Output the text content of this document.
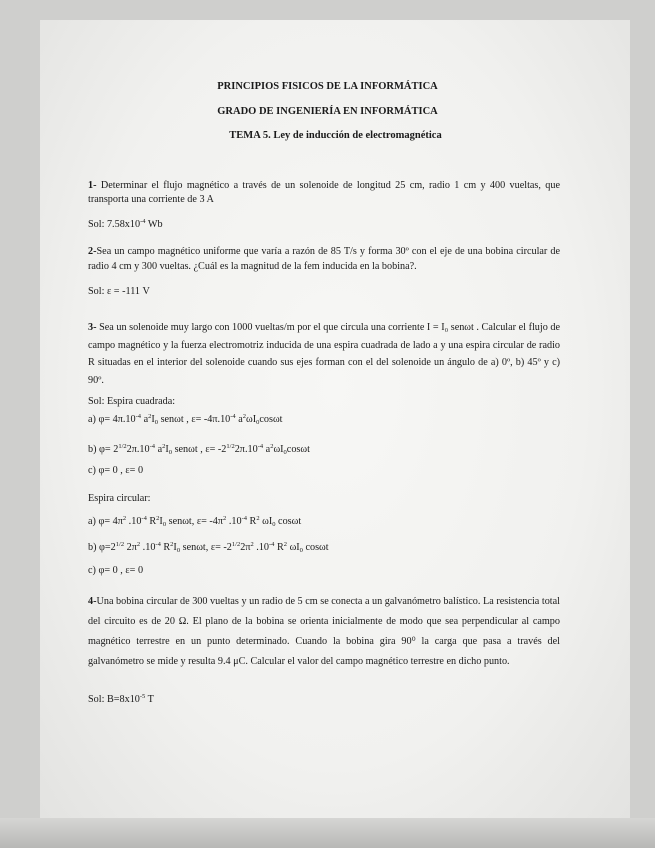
PRINCIPIOS FISICOS DE LA INFORMÁTICA
GRADO DE INGENIERÍA EN INFORMÁTICA
TEMA 5. Ley de inducción de electromagnética
1- Determinar el flujo magnético a través de un solenoide de longitud 25 cm, radio 1 cm y 400 vueltas, que transporta una corriente de 3 A
Sol: $7.58x10^{-4}$ Wb
2-Sea un campo magnético uniforme que varía a razón de 85 T/s y forma 30º con el eje de una bobina circular de radio 4 cm y 300 vueltas. ¿Cuál es la magnitud de la fem inducida en la bobina?.
Sol: ε = -111 V
3- Sea un solenoide muy largo con 1000 vueltas/m por el que circula una corriente I = I₀ senωt . Calcular el flujo de campo magnético y la fuerza electromotriz inducida de una espira cuadrada de lado a y una espira circular de radio R situadas en el interior del solenoide cuando sus ejes forman con el del solenoide un ángulo de a) 0º, b) 45º y c) 90º.
Sol: Espira cuadrada:
a) $\varphi= 4\pi.10^{-4}$ $a^2I_0$ senωt , $\varepsilon= -4\pi.10^{-4}$ $a^2\omega I_0\cos\omega t$
b) $\varphi= 2^{1/2}2\pi.10^{-4}$ $a^2I_0$ senωt , $\varepsilon= -2^{1/2}2\pi.10^{-4}$ $a^2\omega I_0\cos\omega t$
c) φ= 0 , ε= 0
Espira circular:
a) $\varphi= 4\pi^2$ $.10^{-4}$ $R^2I_0$ senωt, $\varepsilon= -4\pi^2$ $.10^{-4}$ $R^2$ $\omega I_0$ cosωt
b) $\varphi=2^{1/2}$ $2\pi^2$ $.10^{-4}$ $R^2I_0$ senωt, $\varepsilon= -2^{1/2}2\pi^2$ $.10^{-4}$ $R^2$ $\omega I_0$ cosωt
c) φ= 0 , ε= 0
4-Una bobina circular de 300 vueltas y un radio de 5 cm se conecta a un galvanómetro balístico. La resistencia total del circuito es de 20 Ω. El plano de la bobina se orienta inicialmente de modo que sea perpendicular al campo magnético terrestre en un punto determinado. Cuando la bobina gira 90⁰ la carga que pasa a través del galvanómetro se mide y resulta 9.4 μC. Calcular el valor del campo magnético terrestre en dicho punto.
Sol: $B=8x10^{-5}$ T
